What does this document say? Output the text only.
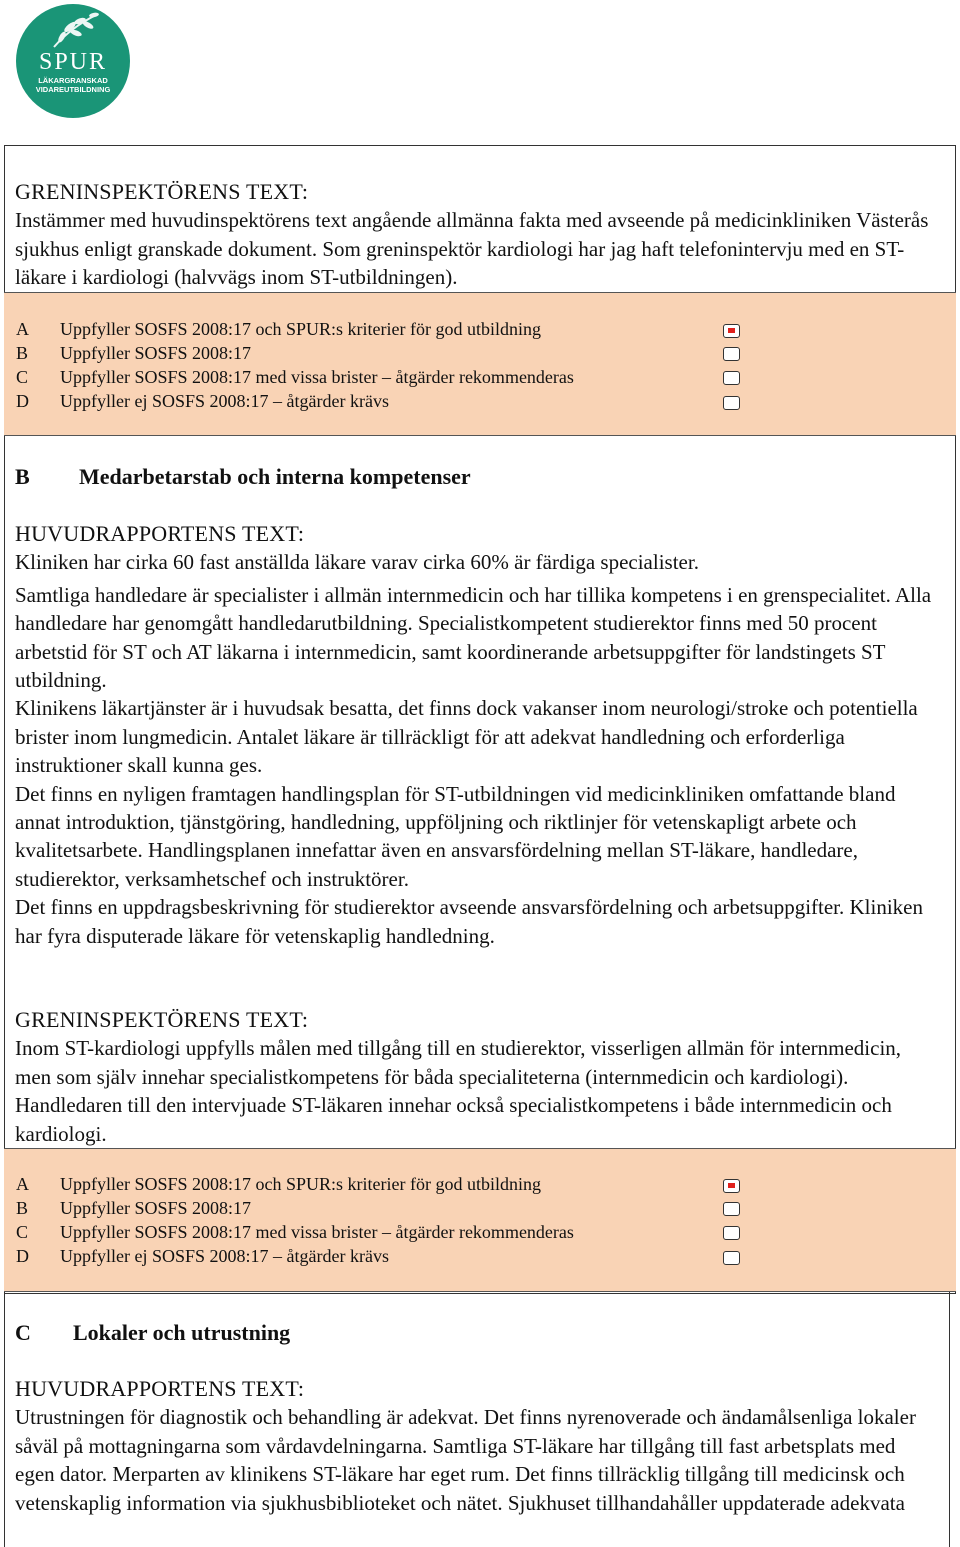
SPUR
LÄKARGRANSKAD
VIDAREUTBILDNING

GRENINSPEKTÖRENS TEXT:

Instämmer med huvudinspektörens text angående allmänna fakta med avseende på medicinkliniken Västerås sjukhus enligt granskade dokument. Som greninspektör kardiologi har jag haft telefonintervju med en ST-läkare i kardiologi (halvvägs inom ST-utbildningen).

A Uppfyller SOSFS 2008:17 och SPUR:s kriterier för god utbildning
B Uppfyller SOSFS 2008:17
C Uppfyller SOSFS 2008:17 med vissa brister – åtgärder rekommenderas
D Uppfyller ej SOSFS 2008:17 – åtgärder krävs
B Medarbetarstab och interna kompetenser

HUVUDRAPPORTENS TEXT:

Kliniken har cirka 60 fast anställda läkare varav cirka 60% är färdiga specialister.

Samtliga handledare är specialister i allmän internmedicin och har tillika kompetens i en grenspecialitet. Alla handledare har genomgått handledarutbildning. Specialistkompetent studierektor finns med 50 procent arbetstid för ST och AT läkarna i internmedicin, samt koordinerande arbetsuppgifter för landstingets ST utbildning.

Klinikens läkartjänster är i huvudsak besatta, det finns dock vakanser inom neurologi/stroke och potentiella brister inom lungmedicin. Antalet läkare är tillräckligt för att adekvat handledning och erforderliga instruktioner skall kunna ges.

Det finns en nyligen framtagen handlingsplan för ST-utbildningen vid medicinkliniken omfattande bland annat introduktion, tjänstgöring, handledning, uppföljning och riktlinjer för vetenskapligt arbete och kvalitetsarbete. Handlingsplanen innefattar även en ansvarsfördelning mellan ST-läkare, handledare, studierektor, verksamhetschef och instruktörer.

Det finns en uppdragsbeskrivning för studierektor avseende ansvarsfördelning och arbetsuppgifter. Kliniken har fyra disputerade läkare för vetenskaplig handledning.

GRENINSPEKTÖRENS TEXT:

Inom ST-kardiologi uppfylls målen med tillgång till en studierektor, visserligen allmän för internmedicin, men som själv innehar specialistkompetens för båda specialiteterna (internmedicin och kardiologi). Handledaren till den intervjuade ST-läkaren innehar också specialistkompetens i både internmedicin och kardiologi.

A Uppfyller SOSFS 2008:17 och SPUR:s kriterier för god utbildning
B Uppfyller SOSFS 2008:17
C Uppfyller SOSFS 2008:17 med vissa brister – åtgärder rekommenderas
D Uppfyller ej SOSFS 2008:17 – åtgärder krävs
C Lokaler och utrustning

HUVUDRAPPORTENS TEXT:

Utrustningen för diagnostik och behandling är adekvat. Det finns nyrenoverade och ändamålsenliga lokaler såväl på mottagningarna som vårdavdelningarna. Samtliga ST-läkare har tillgång till fast arbetsplats med egen dator. Merparten av klinikens ST-läkare har eget rum. Det finns tillräcklig tillgång till medicinsk och vetenskaplig information via sjukhusbiblioteket och nätet. Sjukhuset tillhandahåller uppdaterade adekvata
